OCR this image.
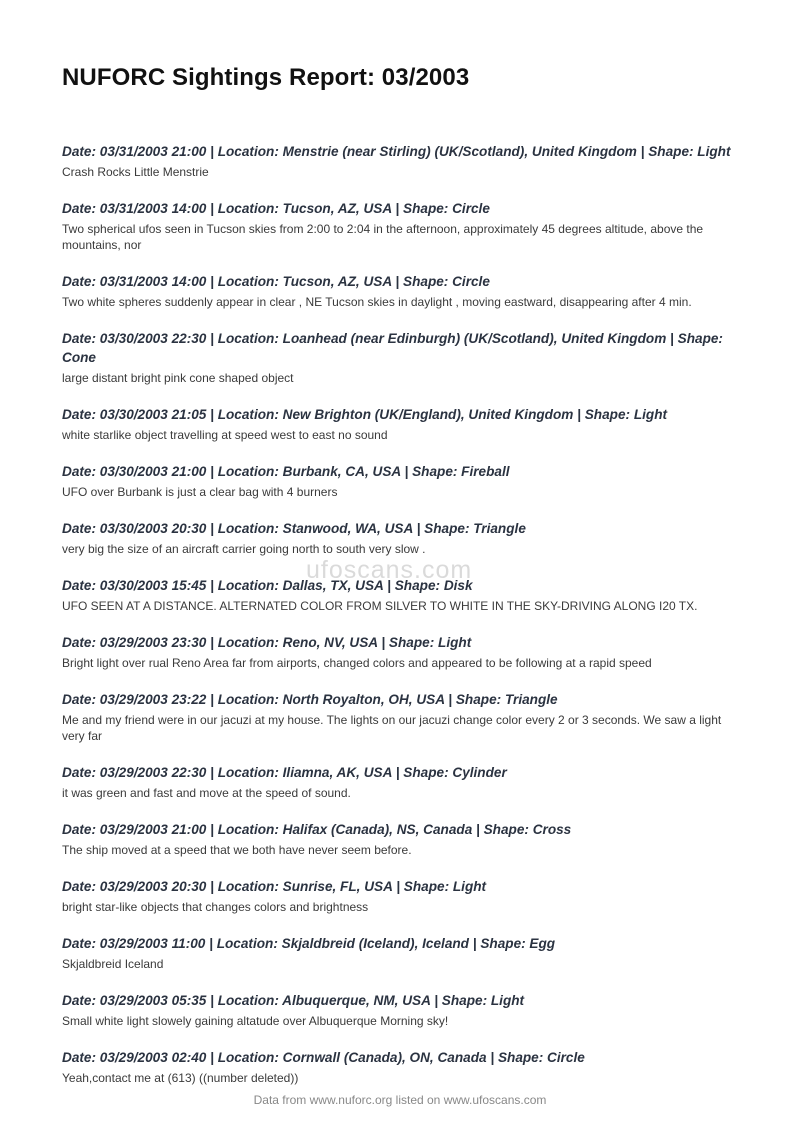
NUFORC Sightings Report: 03/2003
Date: 03/31/2003 21:00 | Location: Menstrie (near Stirling) (UK/Scotland), United Kingdom | Shape: Light
Crash Rocks Little Menstrie
Date: 03/31/2003 14:00 | Location: Tucson, AZ, USA | Shape: Circle
Two spherical ufos seen in Tucson skies from 2:00 to 2:04 in the afternoon, approximately 45 degrees altitude, above the mountains, nor
Date: 03/31/2003 14:00 | Location: Tucson, AZ, USA | Shape: Circle
Two white spheres suddenly appear in clear , NE Tucson skies in daylight , moving eastward, disappearing after 4 min.
Date: 03/30/2003 22:30 | Location: Loanhead (near Edinburgh) (UK/Scotland), United Kingdom | Shape: Cone
large distant bright pink cone shaped object
Date: 03/30/2003 21:05 | Location: New Brighton (UK/England), United Kingdom | Shape: Light
white starlike object travelling at speed west to east no sound
Date: 03/30/2003 21:00 | Location: Burbank, CA, USA | Shape: Fireball
UFO over Burbank is just a clear bag with 4 burners
Date: 03/30/2003 20:30 | Location: Stanwood, WA, USA | Shape: Triangle
very big the size of an aircraft carrier going north to south very slow .
Date: 03/30/2003 15:45 | Location: Dallas, TX, USA | Shape: Disk
UFO SEEN AT A DISTANCE. ALTERNATED COLOR FROM SILVER TO WHITE IN THE SKY-DRIVING ALONG I20 TX.
Date: 03/29/2003 23:30 | Location: Reno, NV, USA | Shape: Light
Bright light over rual Reno Area far from airports, changed colors and appeared to be following at a rapid speed
Date: 03/29/2003 23:22 | Location: North Royalton, OH, USA | Shape: Triangle
Me and my friend were in our jacuzi at my house. The lights on our jacuzi change color every 2 or 3 seconds. We saw a light very far
Date: 03/29/2003 22:30 | Location: Iliamna, AK, USA | Shape: Cylinder
it was green and fast and move at the speed of sound.
Date: 03/29/2003 21:00 | Location: Halifax (Canada), NS, Canada | Shape: Cross
The ship moved at a speed that we both have never seem before.
Date: 03/29/2003 20:30 | Location: Sunrise, FL, USA | Shape: Light
bright star-like objects that changes colors and brightness
Date: 03/29/2003 11:00 | Location: Skjaldbreid (Iceland), Iceland | Shape: Egg
Skjaldbreid Iceland
Date: 03/29/2003 05:35 | Location: Albuquerque, NM, USA | Shape: Light
Small white light slowely gaining altatude over Albuquerque Morning sky!
Date: 03/29/2003 02:40 | Location: Cornwall (Canada), ON, Canada | Shape: Circle
Yeah,contact me at (613) ((number deleted))
ufoscans.com
Data from www.nuforc.org listed on www.ufoscans.com
